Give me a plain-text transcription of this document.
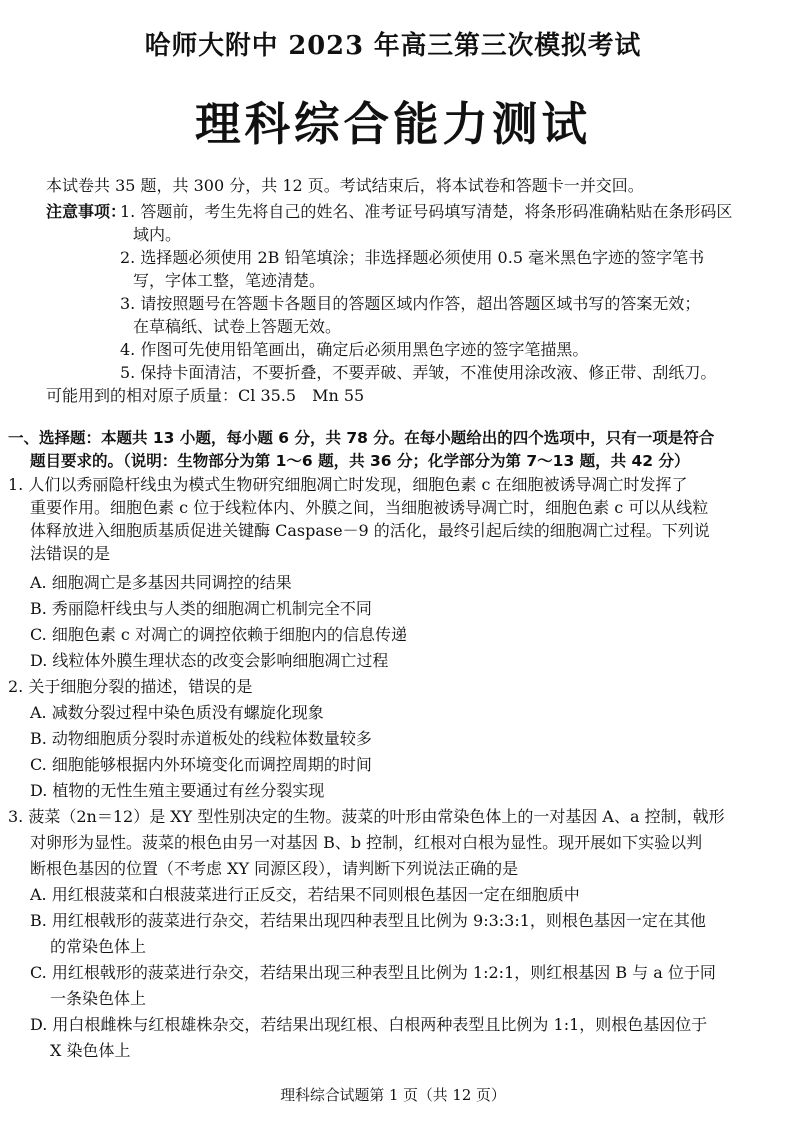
哈师大附中 2023 年高三第三次模拟考试
理科综合能力测试
本试卷共 35 题，共 300 分，共 12 页。考试结束后，将本试卷和答题卡一并交回。
注意事项：
1. 答题前，考生先将自己的姓名、准考证号码填写清楚，将条形码准确粘贴在条形码区
域内。
2. 选择题必须使用 2B 铅笔填涂；非选择题必须使用 0.5 毫米黑色字迹的签字笔书
写，字体工整，笔迹清楚。
3. 请按照题号在答题卡各题目的答题区域内作答，超出答题区域书写的答案无效；
在草稿纸、试卷上答题无效。
4. 作图可先使用铅笔画出，确定后必须用黑色字迹的签字笔描黑。
5. 保持卡面清洁，不要折叠，不要弄破、弄皱，不准使用涂改液、修正带、刮纸刀。
可能用到的相对原子质量：Cl 35.5　Mn 55
一、选择题：本题共 13 小题，每小题 6 分，共 78 分。在每小题给出的四个选项中，只有一项是符合
题目要求的。（说明：生物部分为第 1～6 题，共 36 分；化学部分为第 7～13 题，共 42 分）
1. 人们以秀丽隐杆线虫为模式生物研究细胞凋亡时发现，细胞色素 c 在细胞被诱导凋亡时发挥了
重要作用。细胞色素 c 位于线粒体内、外膜之间，当细胞被诱导凋亡时，细胞色素 c 可以从线粒
体释放进入细胞质基质促进关键酶 Caspase－9 的活化，最终引起后续的细胞凋亡过程。下列说
法错误的是
A. 细胞凋亡是多基因共同调控的结果
B. 秀丽隐杆线虫与人类的细胞凋亡机制完全不同
C. 细胞色素 c 对凋亡的调控依赖于细胞内的信息传递
D. 线粒体外膜生理状态的改变会影响细胞凋亡过程
2. 关于细胞分裂的描述，错误的是
A. 减数分裂过程中染色质没有螺旋化现象
B. 动物细胞质分裂时赤道板处的线粒体数量较多
C. 细胞能够根据内外环境变化而调控周期的时间
D. 植物的无性生殖主要通过有丝分裂实现
3. 菠菜（2n＝12）是 XY 型性别决定的生物。菠菜的叶形由常染色体上的一对基因 A、a 控制，戟形
对卵形为显性。菠菜的根色由另一对基因 B、b 控制，红根对白根为显性。现开展如下实验以判
断根色基因的位置（不考虑 XY 同源区段），请判断下列说法正确的是
A. 用红根菠菜和白根菠菜进行正反交，若结果不同则根色基因一定在细胞质中
B. 用红根戟形的菠菜进行杂交，若结果出现四种表型且比例为 9:3:3:1，则根色基因一定在其他
的常染色体上
C. 用红根戟形的菠菜进行杂交，若结果出现三种表型且比例为 1:2:1，则红根基因 B 与 a 位于同
一条染色体上
D. 用白根雌株与红根雄株杂交，若结果出现红根、白根两种表型且比例为 1:1，则根色基因位于
X 染色体上
理科综合试题第 1 页（共 12 页）
